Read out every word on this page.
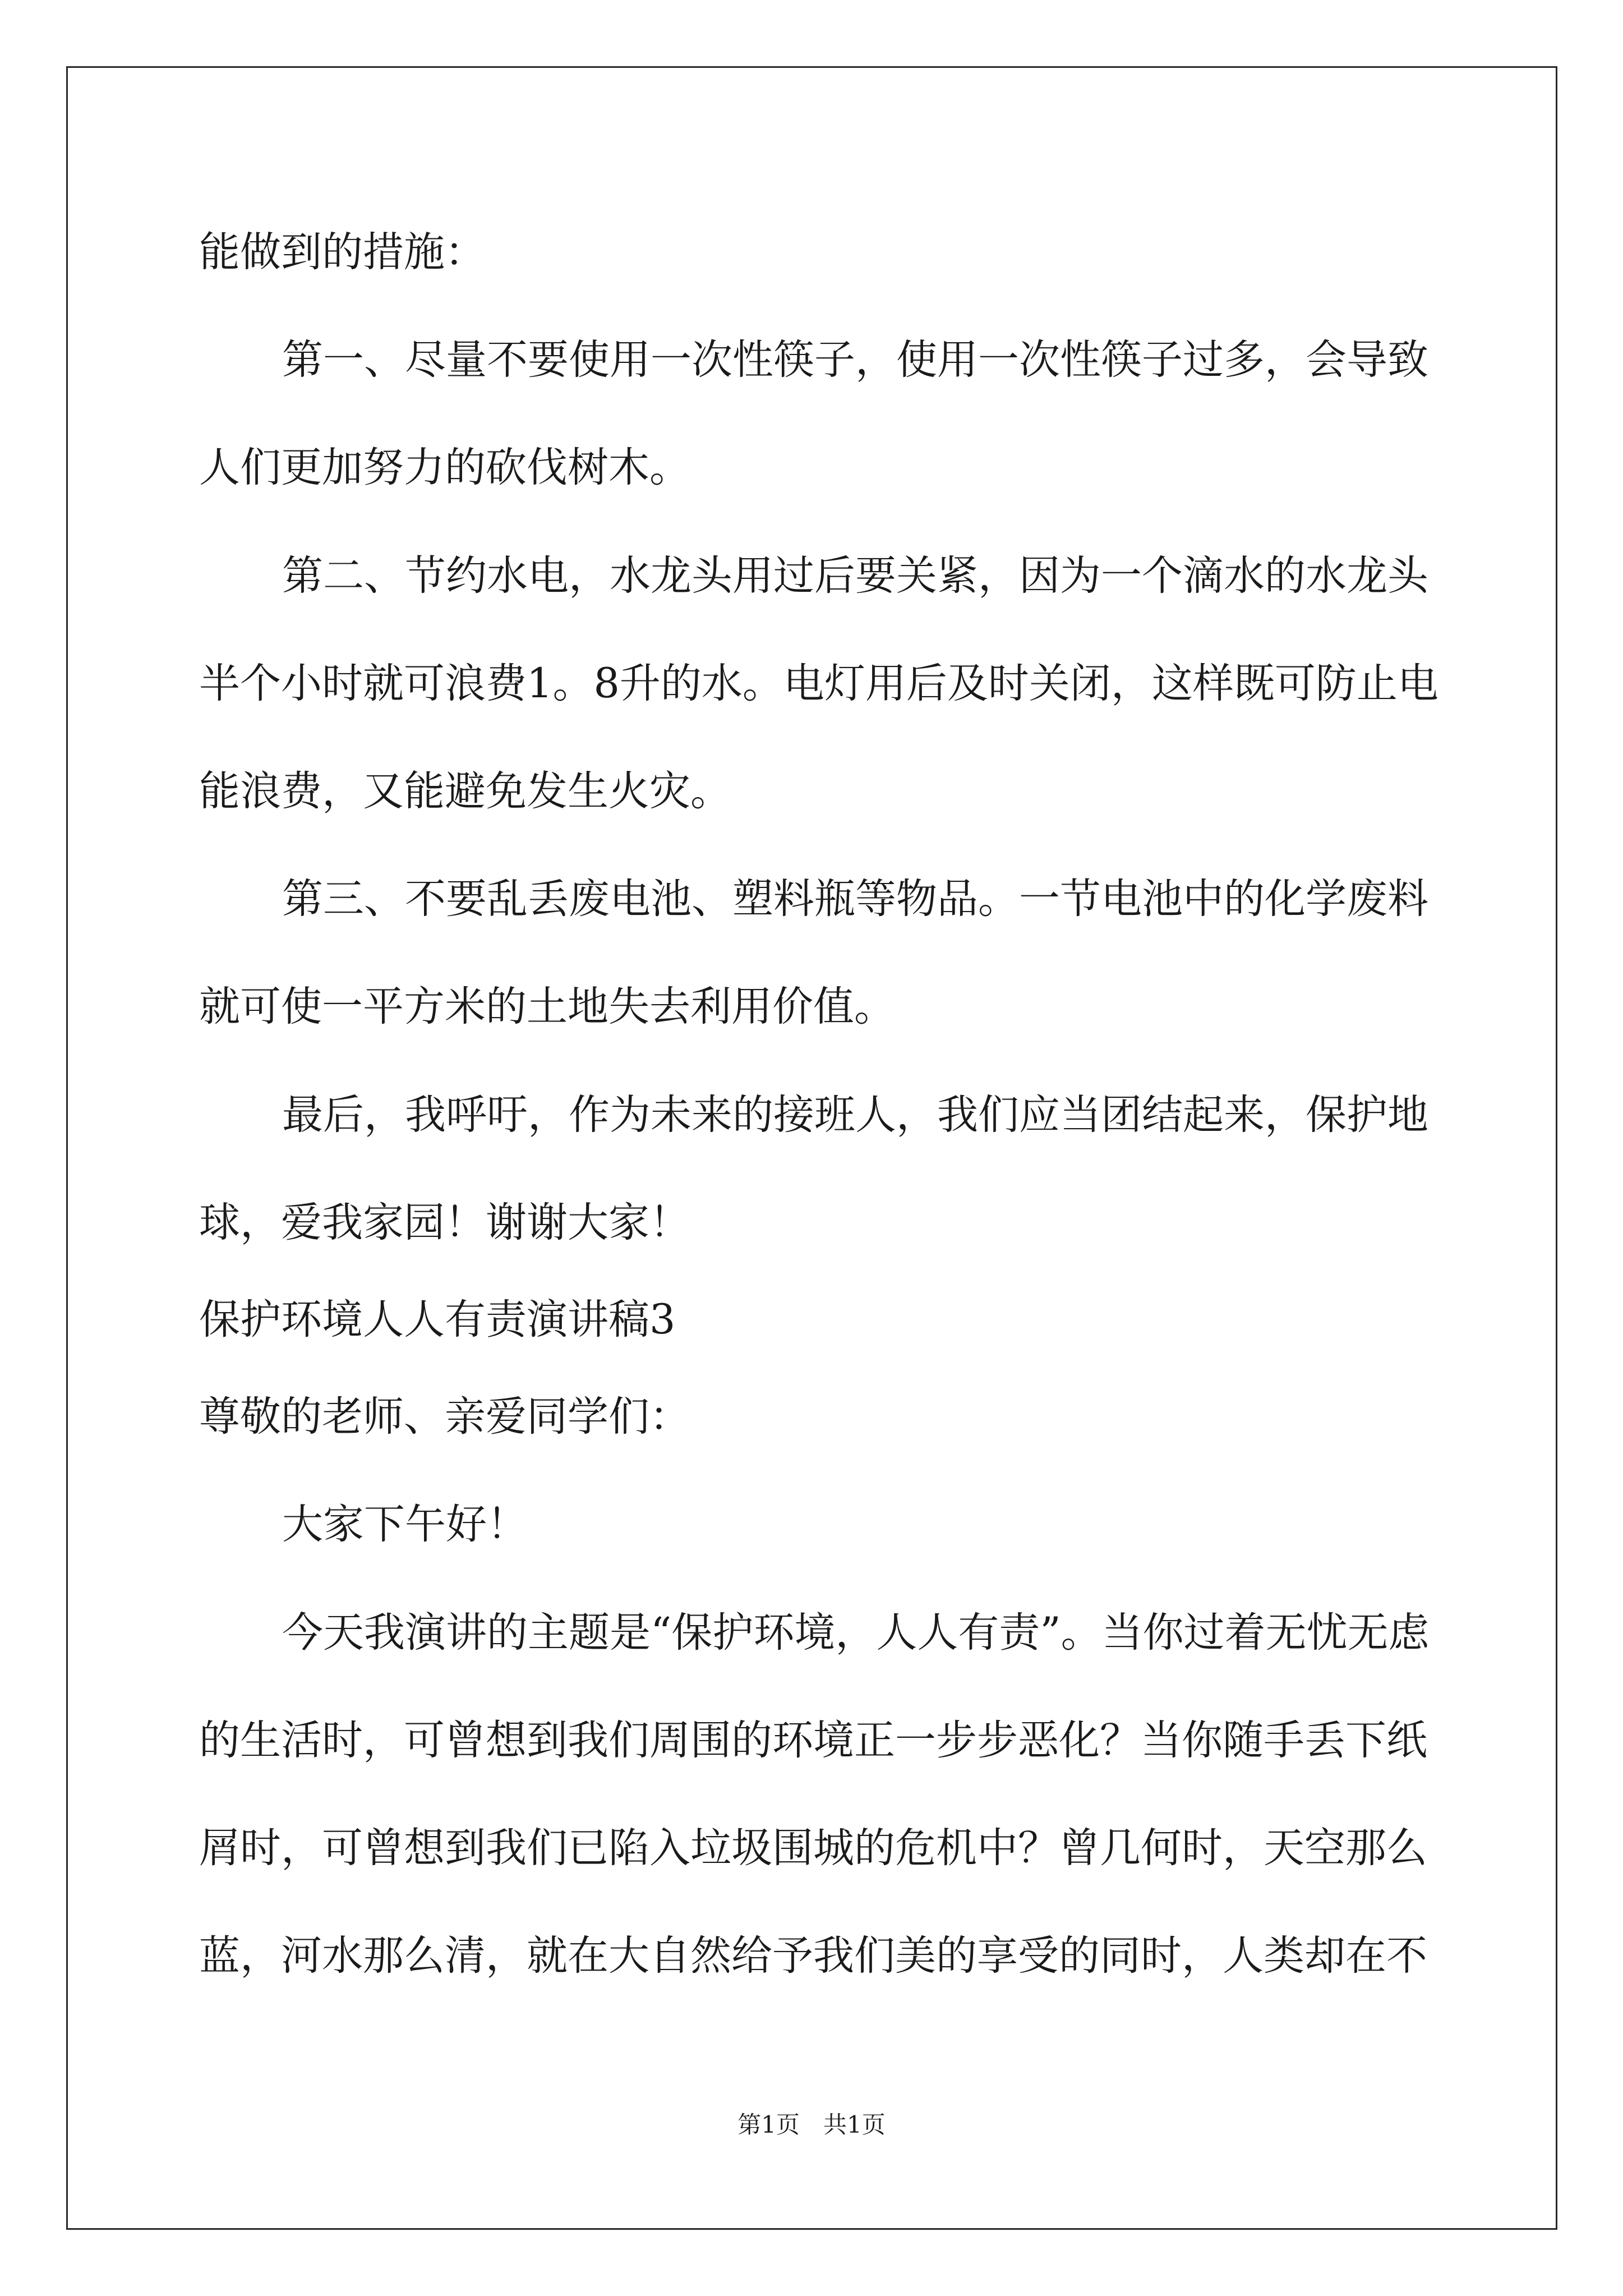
能做到的措施：
第一、尽量不要使用一次性筷子，使用一次性筷子过多，会导致
人们更加努力的砍伐树木。
第二、节约水电，水龙头用过后要关紧，因为一个滴水的水龙头
半个小时就可浪费1。8升的水。电灯用后及时关闭，这样既可防止电
能浪费，又能避免发生火灾。
第三、不要乱丢废电池、塑料瓶等物品。一节电池中的化学废料
就可使一平方米的土地失去利用价值。
最后，我呼吁，作为未来的接班人，我们应当团结起来，保护地
球，爱我家园！谢谢大家！
保护环境人人有责演讲稿3
尊敬的老师、亲爱同学们：
大家下午好！
今天我演讲的主题是“保护环境，人人有责”。当你过着无忧无虑
的生活时，可曾想到我们周围的环境正一步步恶化？当你随手丢下纸
屑时，可曾想到我们已陷入垃圾围城的危机中？曾几何时，天空那么
蓝，河水那么清，就在大自然给予我们美的享受的同时，人类却在不
第1页　共1页
